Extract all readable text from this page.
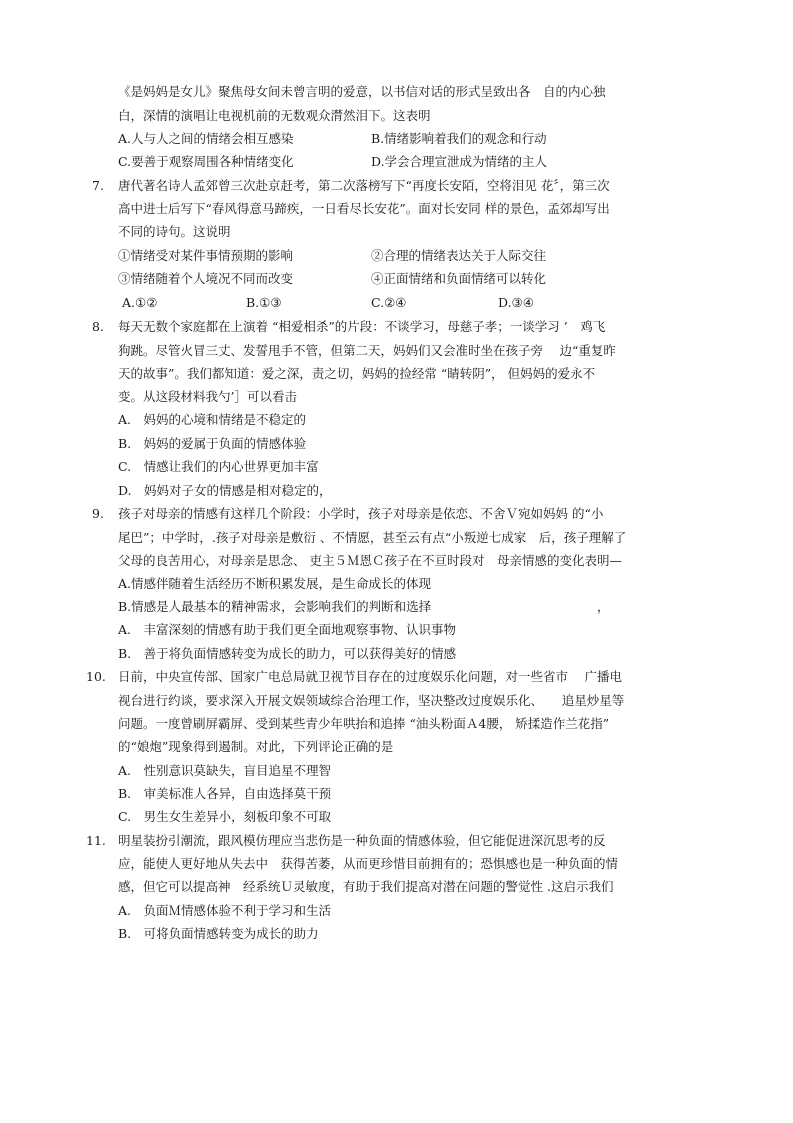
《是妈妈是女儿》聚焦母女间未曾言明的爱意，以书信对话的形式呈致出各　自的内心独
白，深情的演唱让电视机前的无数观众潸然泪下。这表明
A.人与人之间的情绪会相互感染	B.情绪影响着我们的观念和行动
C.要善于观察周围各种情绪变化	D.学会合理宣泄成为情绪的主人
7. 唐代著名诗人孟郊曾三次赴京赶考，第二次落榜写下“再度长安陌，空将泪见 花〞，第三次
高中进士后写下“春风得意马蹄疾，一日看尽长安花”。面对长安同 样的景色，孟郊却写出
不同的诗句。这说明
①情绪受对某件事情预期的影响	②合理的情绪表达关于人际交往
③情绪随着个人境况不同而改变	④正面情绪和负面情绪可以转化
A.①②	B.①③	C.②④	D.③④
8. 每天无数个家庭都在上演着 “相爱相杀”的片段：不谈学习，母慈子孝；一谈学习 ’　鸡飞
狗跳。尽管火冒三丈、发誓甩手不管，但第二天，妈妈们又会准时坐在孩子旁　 边“重复昨
天的故事”。我们都知道：爱之深，责之切，妈妈的捡经常 “睛转阴”， 但妈妈的爱永不
变。从这段材料我勺’］可以看击
A.　妈妈的心境和情绪是不稳定的
B.　妈妈的爱属于负面的情感体验
C.　情感让我们的内心世界更加丰富
D.　妈妈对子女的情感是相对稳定的，
9. 孩子对母亲的情感有这样几个阶段：小学时，孩子对母亲是依恋、不舍Ｖ宛如妈妈 的“小
尾巴”；中学时，.孩子对母亲是敷衍 、不情愿，甚至云有点“小叛逆七成家　后，孩子理解了
父母的良苦用心，对母亲是思念、 吏主５Ｍ恩Ｃ孩子在不亘时段对　母亲情感的变化表明—
A.情感伴随着生活经历不断积累发展，是生命成长的体现
B.情感是人最基本的精神需求，会影响我们的判断和选择	，
A.　丰富深刻的情感有助于我们更全面地观察事物、认识事物
B.　善于将负面情感转变为成长的助力，可以获得美好的情感
10. 日前，中央宣传部、国家广电总局就卫视节目存在的过度娱乐化问题，对一些省市　 广播电
视台进行约谈，要求深入开展文娱领域综合治理工作，坚决整改过度娱乐化、　　追星炒星等
问题。一度曾刷屏霸屏、受到某些青少年哄抬和追捧 “油头粉面Ａ4腰， 矫揉造作兰花指”
的“娘炮”现象得到遏制。对此，下列评论正确的是
A.　性别意识莫缺失，盲目追星不理智
B.　审美标准人各异，自由选择莫干预
C.　男生女生差异小，刻板印象不可取
11. 明星装扮引潮流，跟风模仿理应当悲伤是一种负面的情感体验，但它能促进深沉思考的反
应，能使人更好地从失去中　获得苦萎，从而更珍惜目前拥有的；恐惧感也是一种负面的情
感，但它可以提高神　经系统Ｕ灵敏度，有助于我们提高对潜在问题的警觉性 .这启示我们
A.　负面Ｍ情感体验不利于学习和生活
B.　可将负面情感转变为成长的助力
